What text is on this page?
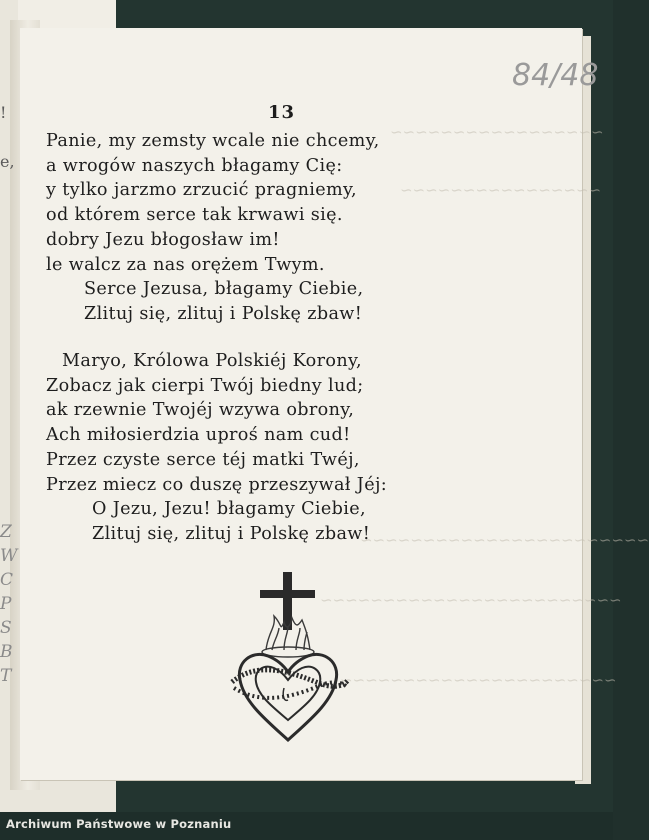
~~~~~~~~~~~~~~~~~
~~~~~~~~~~~~~~~~
~~~~~~~~~~~~~~~~~~~~~~~
~~~~~~~~~~~~~~~~~~~~~~~~
~~~~~~~~~~~~~~~~~~~~~~
13
Panie, my zemsty wcale nie chcemy,
a wrogów naszych błagamy Cię:
y tylko jarzmo zrzucić pragniemy,
od którem serce tak krwawi się.
dobry Jezu błogosław im!
le walcz za nas orężem Twym.
Serce Jezusa, błagamy Ciebie,
Zlituj się, zlituj i Polskę zbaw!
Maryo, Królowa Polskiéj Korony,
Zobacz jak cierpi Twój biedny lud;
ak rzewnie Twojéj wzywa obrony,
Ach miłosierdzia uproś nam cud!
Przez czyste serce téj matki Twéj,
Przez miecz co duszę przeszywał Jéj:
O Jezu, Jezu! błagamy Ciebie,
Zlituj się, zlituj i Polskę zbaw!
!
e,
Z
W
C
P
S
B
T
84/48
Archiwum Państwowe w Poznaniu
